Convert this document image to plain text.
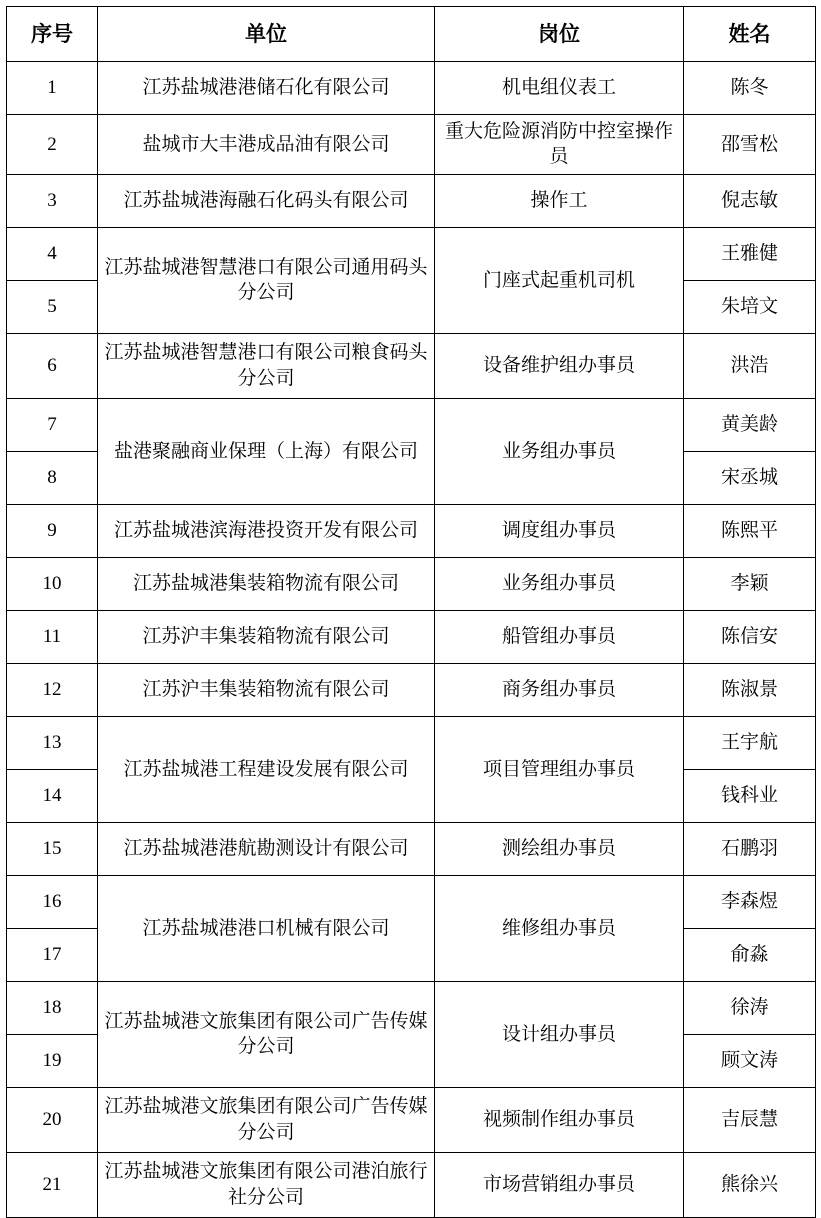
序号	单位	岗位	姓名
1	江苏盐城港港储石化有限公司	机电组仪表工	陈冬
2	盐城市大丰港成品油有限公司	重大危险源消防中控室操作员	邵雪松
3	江苏盐城港海融石化码头有限公司	操作工	倪志敏
4	江苏盐城港智慧港口有限公司通用码头分公司	门座式起重机司机	王雅健
5			朱培文
6	江苏盐城港智慧港口有限公司粮食码头分公司	设备维护组办事员	洪浩
7	盐港聚融商业保理（上海）有限公司	业务组办事员	黄美龄
8			宋丞城
9	江苏盐城港滨海港投资开发有限公司	调度组办事员	陈熙平
10	江苏盐城港集装箱物流有限公司	业务组办事员	李颖
11	江苏沪丰集装箱物流有限公司	船管组办事员	陈信安
12	江苏沪丰集装箱物流有限公司	商务组办事员	陈淑景
13	江苏盐城港工程建设发展有限公司	项目管理组办事员	王宇航
14			钱科业
15	江苏盐城港港航勘测设计有限公司	测绘组办事员	石鹏羽
16	江苏盐城港港口机械有限公司	维修组办事员	李森煜
17			俞淼
18	江苏盐城港文旅集团有限公司广告传媒分公司	设计组办事员	徐涛
19			顾文涛
20	江苏盐城港文旅集团有限公司广告传媒分公司	视频制作组办事员	吉辰慧
21	江苏盐城港文旅集团有限公司港泊旅行社分公司	市场营销组办事员	熊徐兴
